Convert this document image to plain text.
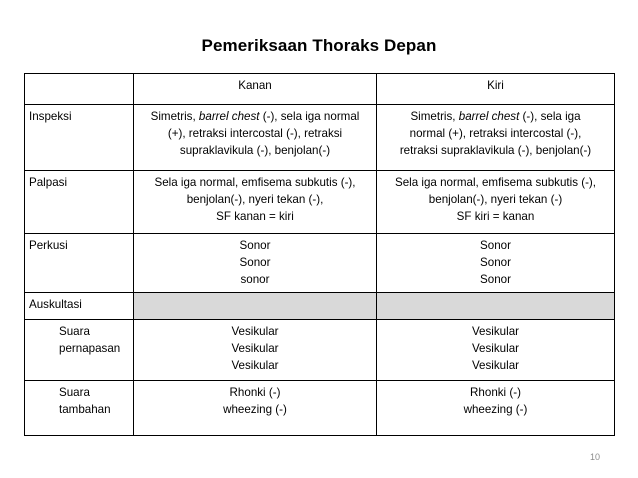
Pemeriksaan Thoraks Depan
	Kanan	Kiri
Inspeksi	Simetris, barrel chest (-), sela iga normal
(+), retraksi intercostal (-), retraksi
supraklavikula (-), benjolan(-)	Simetris, barrel chest (-), sela iga
normal (+), retraksi intercostal (-),
retraksi supraklavikula (-), benjolan(-)

Palpasi	Sela iga normal, emfisema subkutis (-),
benjolan(-), nyeri tekan (-),
SF kanan = kiri	Sela iga normal, emfisema subkutis (-),
benjolan(-), nyeri tekan (-)
SF kiri = kanan

Perkusi	Sonor
Sonor
sonor	Sonor
Sonor
Sonor

Auskultasi		

Suara
pernapasan	Vesikular
Vesikular
Vesikular	Vesikular
Vesikular
Vesikular

Suara
tambahan	Rhonki (-)
wheezing (-)	Rhonki (-)
wheezing (-)
10
